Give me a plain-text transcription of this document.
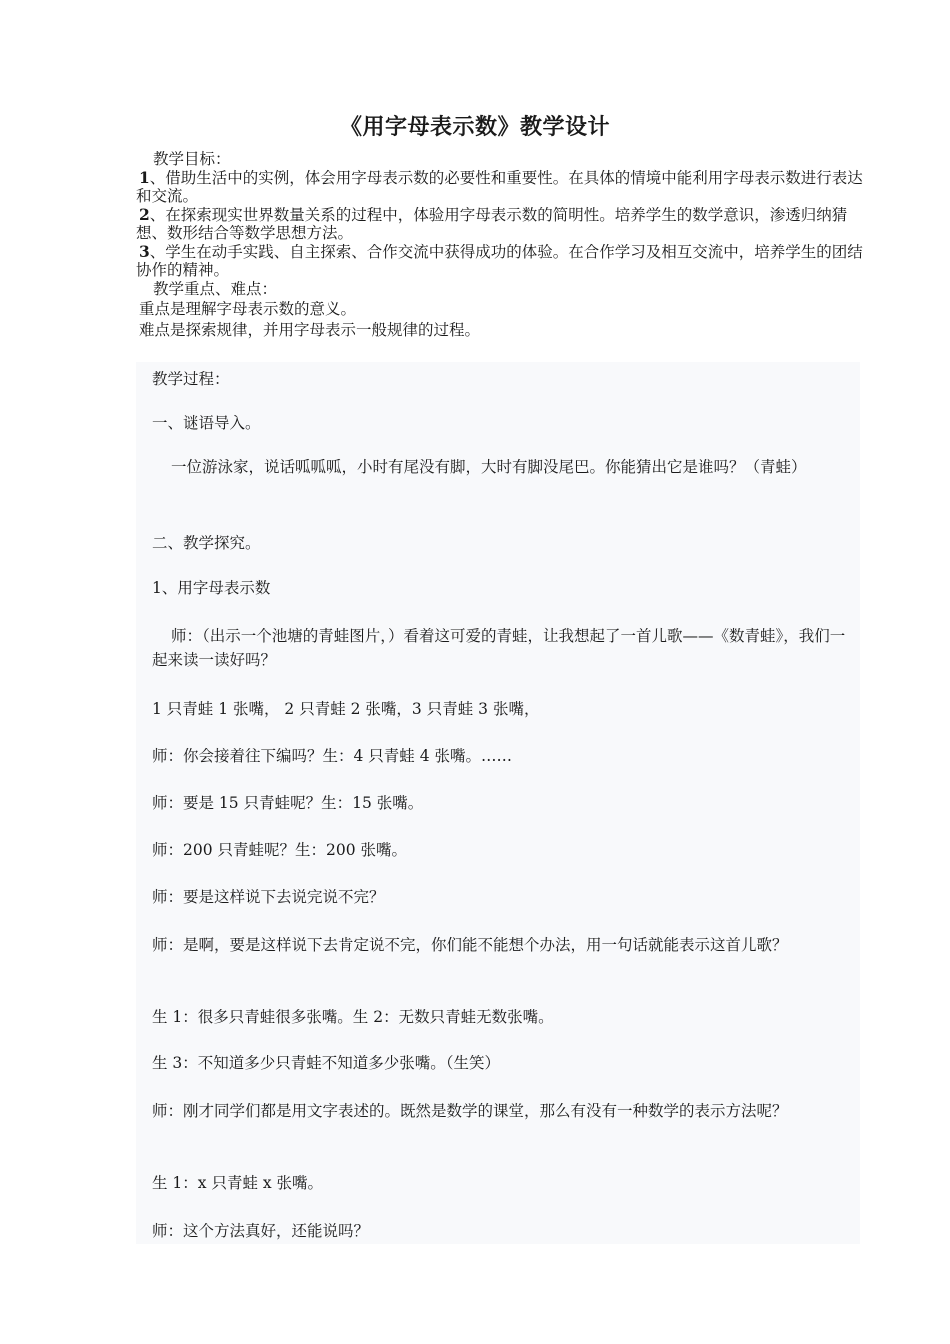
《用字母表示数》教学设计

教学目标：

1、借助生活中的实例，体会用字母表示数的必要性和重要性。在具体的情境中能利用字母表示数进行表达和交流。

2、在探索现实世界数量关系的过程中，体验用字母表示数的简明性。培养学生的数学意识，渗透归纳猜想、数形结合等数学思想方法。

3、学生在动手实践、自主探索、合作交流中获得成功的体验。在合作学习及相互交流中，培养学生的团结协作的精神。

教学重点、难点：

重点是理解字母表示数的意义。

难点是探索规律，并用字母表示一般规律的过程。

教学过程：

一、谜语导入。

一位游泳家，说话呱呱呱，小时有尾没有脚，大时有脚没尾巴。你能猜出它是谁吗？（青蛙）

二、教学探究。

1、用字母表示数

师：（出示一个池塘的青蛙图片，）看着这可爱的青蛙，让我想起了一首儿歌——《数青蛙》，我们一起来读一读好吗？

1 只青蛙 1 张嘴， 2 只青蛙 2 张嘴，3 只青蛙 3 张嘴，

师：你会接着往下编吗？生：4 只青蛙 4 张嘴。……

师：要是 15 只青蛙呢？生：15 张嘴。

师：200 只青蛙呢？生：200 张嘴。

师：要是这样说下去说完说不完？

师：是啊，要是这样说下去肯定说不完，你们能不能想个办法，用一句话就能表示这首儿歌？

生 1：很多只青蛙很多张嘴。生 2：无数只青蛙无数张嘴。

生 3：不知道多少只青蛙不知道多少张嘴。（生笑）

师：刚才同学们都是用文字表述的。既然是数学的课堂，那么有没有一种数学的表示方法呢？

生 1：x 只青蛙 x 张嘴。

师：这个方法真好，还能说吗？
